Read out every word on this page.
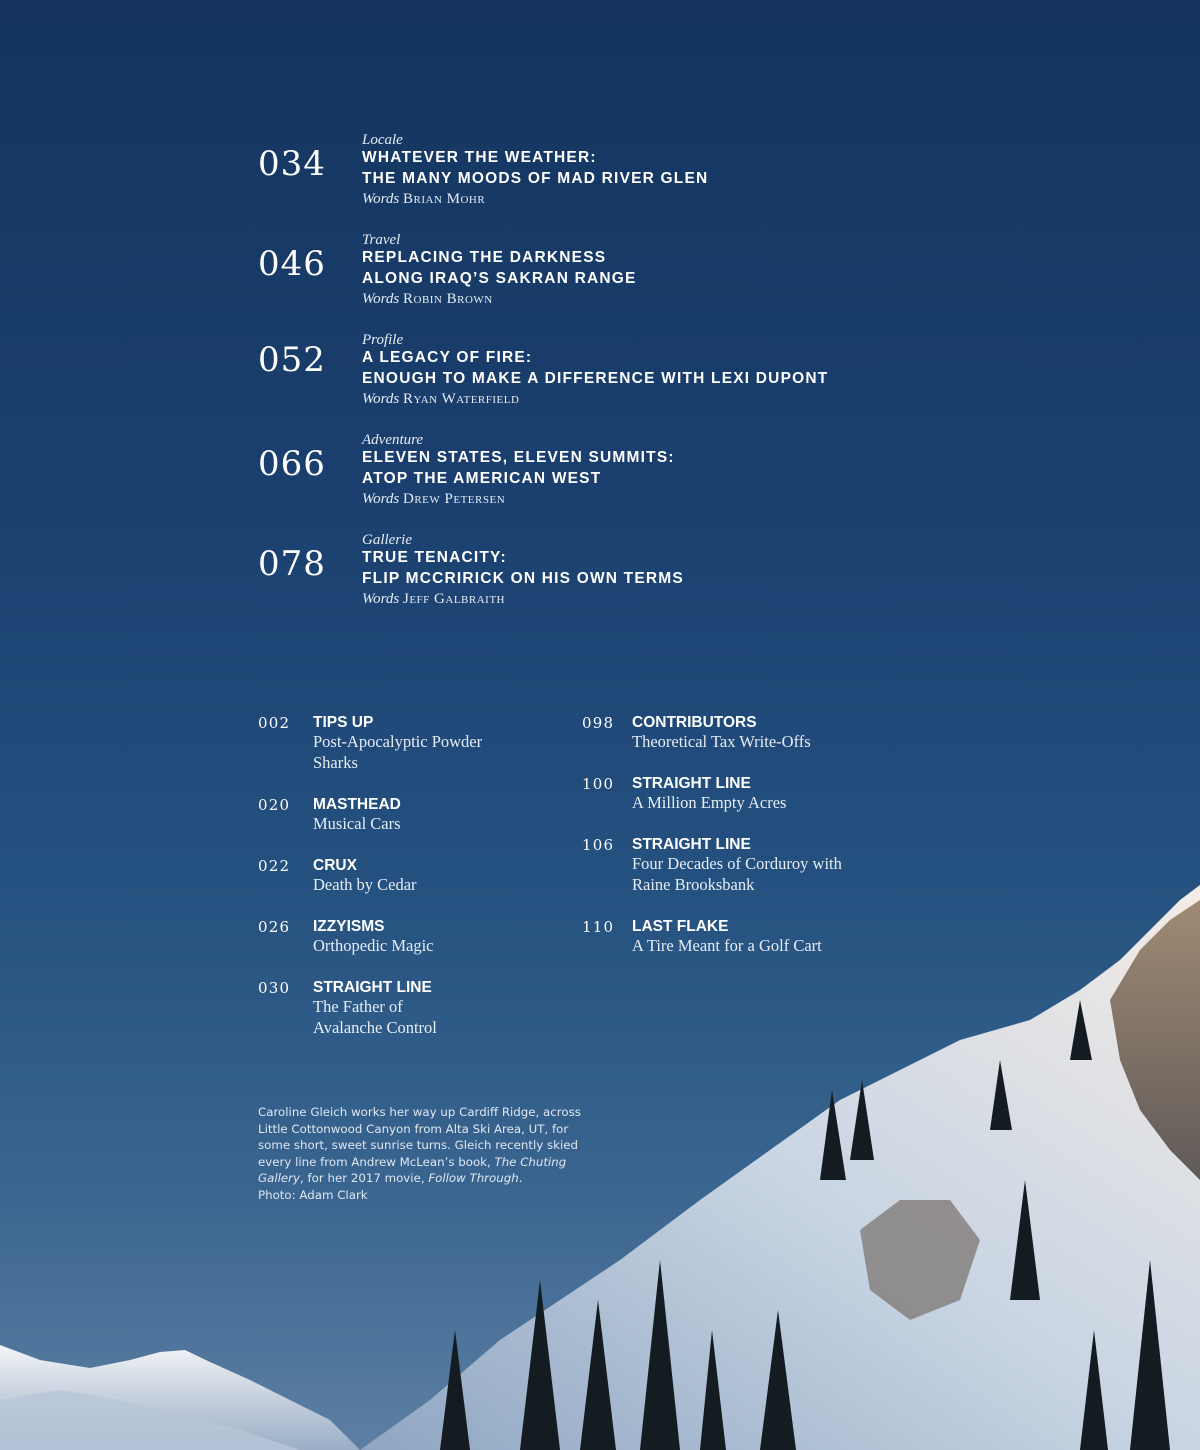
034
Locale
WHATEVER THE WEATHER:
THE MANY MOODS OF MAD RIVER GLEN
Words Brian Mohr
046
Travel
REPLACING THE DARKNESS
ALONG IRAQ’S SAKRAN RANGE
Words Robin Brown
052 Profile
A LEGACY OF FIRE:
ENOUGH TO MAKE A DIFFERENCE WITH LEXI DUPONT
Words Ryan Waterfield
066
Adventure
ELEVEN STATES, ELEVEN SUMMITS:
ATOP THE AMERICAN WEST
Words Drew Petersen
078
Gallerie
TRUE TENACITY:
FLIP MCCRIRICK ON HIS OWN TERMS
Words Jeff Galbraith
002 TIPS UP
Post-Apocalyptic Powder Sharks
020 MASTHEAD
Musical Cars
022 CRUX
Death by Cedar
026 IZZYISMS
Orthopedic Magic
030 STRAIGHT LINE
The Father of Avalanche Control
098 CONTRIBUTORS
Theoretical Tax Write-Offs
100 STRAIGHT LINE
A Million Empty Acres
106 STRAIGHT LINE
Four Decades of Corduroy with Raine Brooksbank
110 LAST FLAKE
A Tire Meant for a Golf Cart
Caroline Gleich works her way up Cardiff Ridge, across Little Cottonwood Canyon from Alta Ski Area, UT, for some short, sweet sunrise turns. Gleich recently skied every line from Andrew McLean’s book, The Chuting Gallery, for her 2017 movie, Follow Through.
Photo: Adam Clark
